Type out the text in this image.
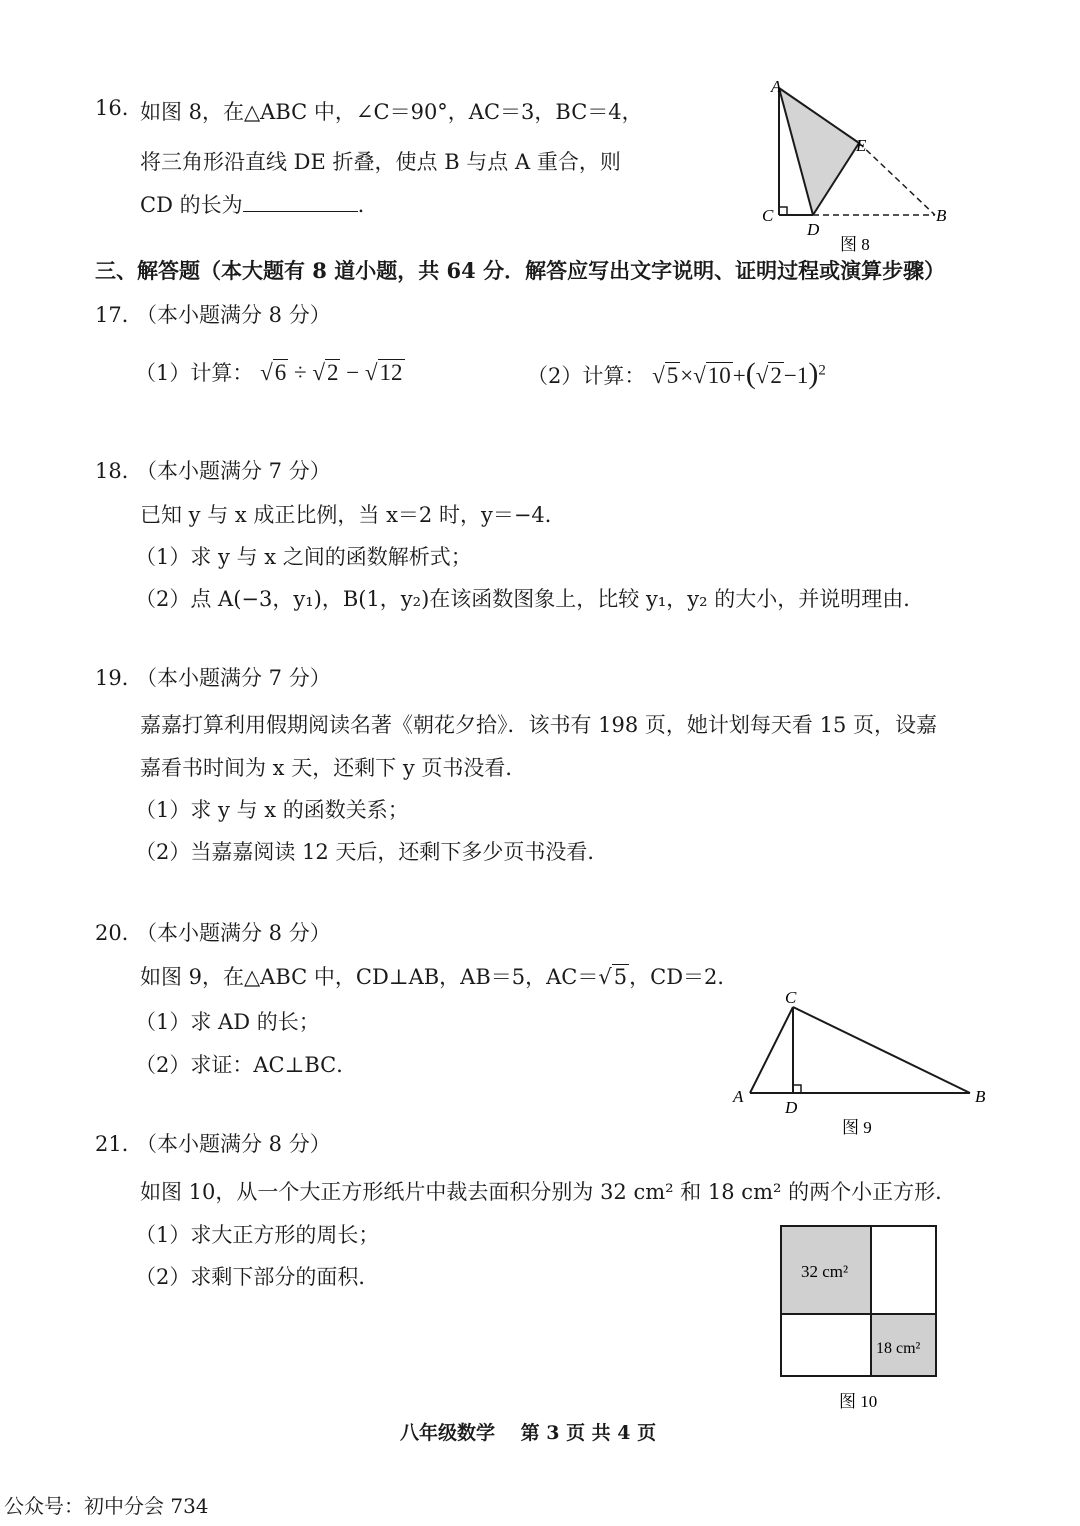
16. 如图 8，在△ABC 中，∠C＝90°，AC＝3，BC＝4，
将三角形沿直线 DE 折叠，使点 B 与点 A 重合，则
CD 的长为	.
A
E
C
D
B
图 8
三、解答题（本大题有 8 道小题，共 64 分．解答应写出文字说明、证明过程或演算步骤）
17．
（本小题满分 8 分）
（1）计算： √6 ÷ √2 − √12	（2）计算： $√5\times√10+(√2-1)^2$
18．
（本小题满分 7 分）
已知 y 与 x 成正比例，当 x＝2 时，y＝−4．
（1）求 y 与 x 之间的函数解析式；
（2）点 A(−3，y₁)，B(1，y₂)在该函数图象上，比较 y₁，y₂ 的大小，并说明理由．
19．
（本小题满分 7 分）
嘉嘉打算利用假期阅读名著《朝花夕拾》．该书有 198 页，她计划每天看 15 页，设嘉
嘉看书时间为 x 天，还剩下 y 页书没看．
（1）求 y 与 x 的函数关系；
（2）当嘉嘉阅读 12 天后，还剩下多少页书没看．
20．
（本小题满分 8 分）
如图 9，在△ABC 中，CD⊥AB，AB＝5，AC＝√5，CD＝2．
（1）求 AD 的长；
（2）求证：AC⊥BC．
C
A
D
B
图 9
21．
（本小题满分 8 分）
如图 10，从一个大正方形纸片中裁去面积分别为 32 cm² 和 18 cm² 的两个小正方形．
（1）求大正方形的周长；
（2）求剩下部分的面积．	32 cm²
18 cm²
图 10
八年级数学　 第 3 页 共 4 页
公众号：初中分会 734
